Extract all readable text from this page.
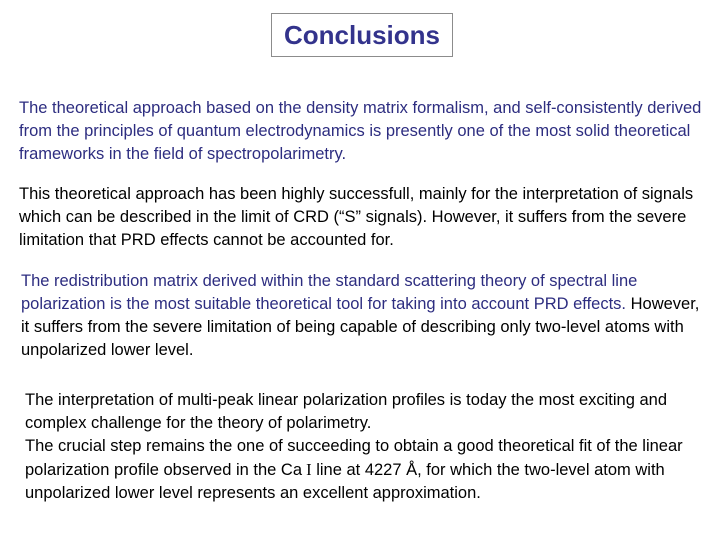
Conclusions

The theoretical approach based on the density matrix formalism, and self-consistently derived from the principles of quantum electrodynamics is presently one of the most solid theoretical frameworks in the field of spectropolarimetry.

This theoretical approach has been highly successfull, mainly for the interpretation of signals which can be described in the limit of CRD (“S” signals). However, it suffers from the severe limitation that PRD effects cannot be accounted for.

The redistribution matrix derived within the standard scattering theory of spectral line polarization is the most suitable theoretical tool for taking into account PRD effects. However, it suffers from the severe limitation of being capable of describing only two-level atoms with unpolarized lower level.

The interpretation of multi-peak linear polarization profiles is today the most exciting and complex challenge for the theory of polarimetry.
The crucial step remains the one of succeeding to obtain a good theoretical fit of the linear polarization profile observed in the Ca I line at 4227 Å, for which the two-level atom with unpolarized lower level represents an excellent approximation.
